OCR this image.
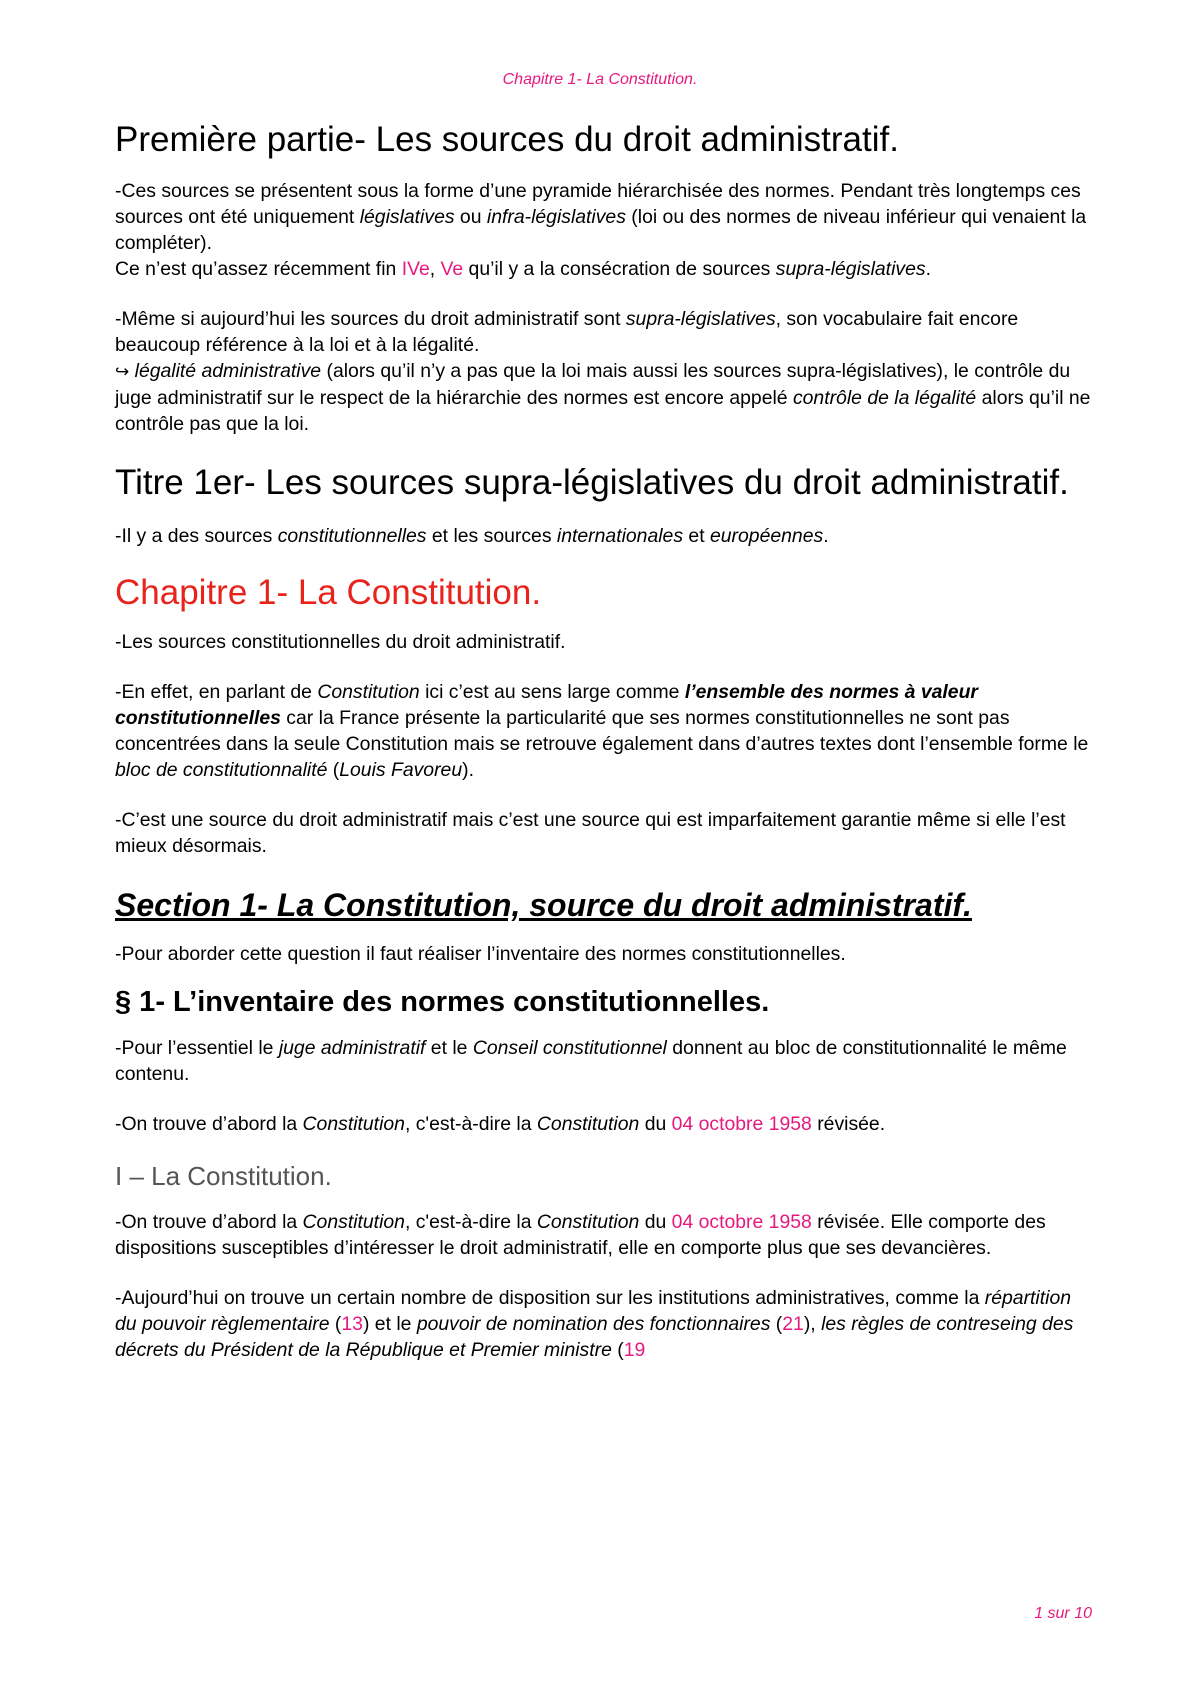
Chapitre 1- La Constitution.
Première partie- Les sources du droit administratif.

-Ces sources se présentent sous la forme d’une pyramide hiérarchisée des normes. Pendant très longtemps ces sources ont été uniquement législatives ou infra-législatives (loi ou des normes de niveau inférieur qui venaient la compléter).

Ce n’est qu’assez récemment fin IVe, Ve qu’il y a la consécration de sources supra-législatives.

-Même si aujourd’hui les sources du droit administratif sont supra-législatives, son vocabulaire fait encore beaucoup référence à la loi et à la légalité.

↪ légalité administrative (alors qu’il n’y a pas que la loi mais aussi les sources supra-législatives), le contrôle du juge administratif sur le respect de la hiérarchie des normes est encore appelé contrôle de la légalité alors qu’il ne contrôle pas que la loi.

Titre 1er- Les sources supra-législatives du droit administratif.

-Il y a des sources constitutionnelles et les sources internationales et européennes.

Chapitre 1- La Constitution.

-Les sources constitutionnelles du droit administratif.

-En effet, en parlant de Constitution ici c’est au sens large comme l’ensemble des normes à valeur constitutionnelles car la France présente la particularité que ses normes constitutionnelles ne sont pas concentrées dans la seule Constitution mais se retrouve également dans d’autres textes dont l’ensemble forme le bloc de constitutionnalité (Louis Favoreu).

-C’est une source du droit administratif mais c’est une source qui est imparfaitement garantie même si elle l’est mieux désormais.

Section 1- La Constitution, source du droit administratif.

-Pour aborder cette question il faut réaliser l’inventaire des normes constitutionnelles.

§ 1- L’inventaire des normes constitutionnelles.

-Pour l’essentiel le juge administratif et le Conseil constitutionnel donnent au bloc de constitutionnalité le même contenu.

-On trouve d’abord la Constitution, c'est-à-dire la Constitution du 04 octobre 1958 révisée.

I – La Constitution.

-On trouve d’abord la Constitution, c'est-à-dire la Constitution du 04 octobre 1958 révisée. Elle comporte des dispositions susceptibles d’intéresser le droit administratif, elle en comporte plus que ses devancières.

-Aujourd’hui on trouve un certain nombre de disposition sur les institutions administratives, comme la répartition du pouvoir règlementaire (13) et le pouvoir de nomination des fonctionnaires (21), les règles de contreseing des décrets du Président de la République et Premier ministre (19

1 sur 10
